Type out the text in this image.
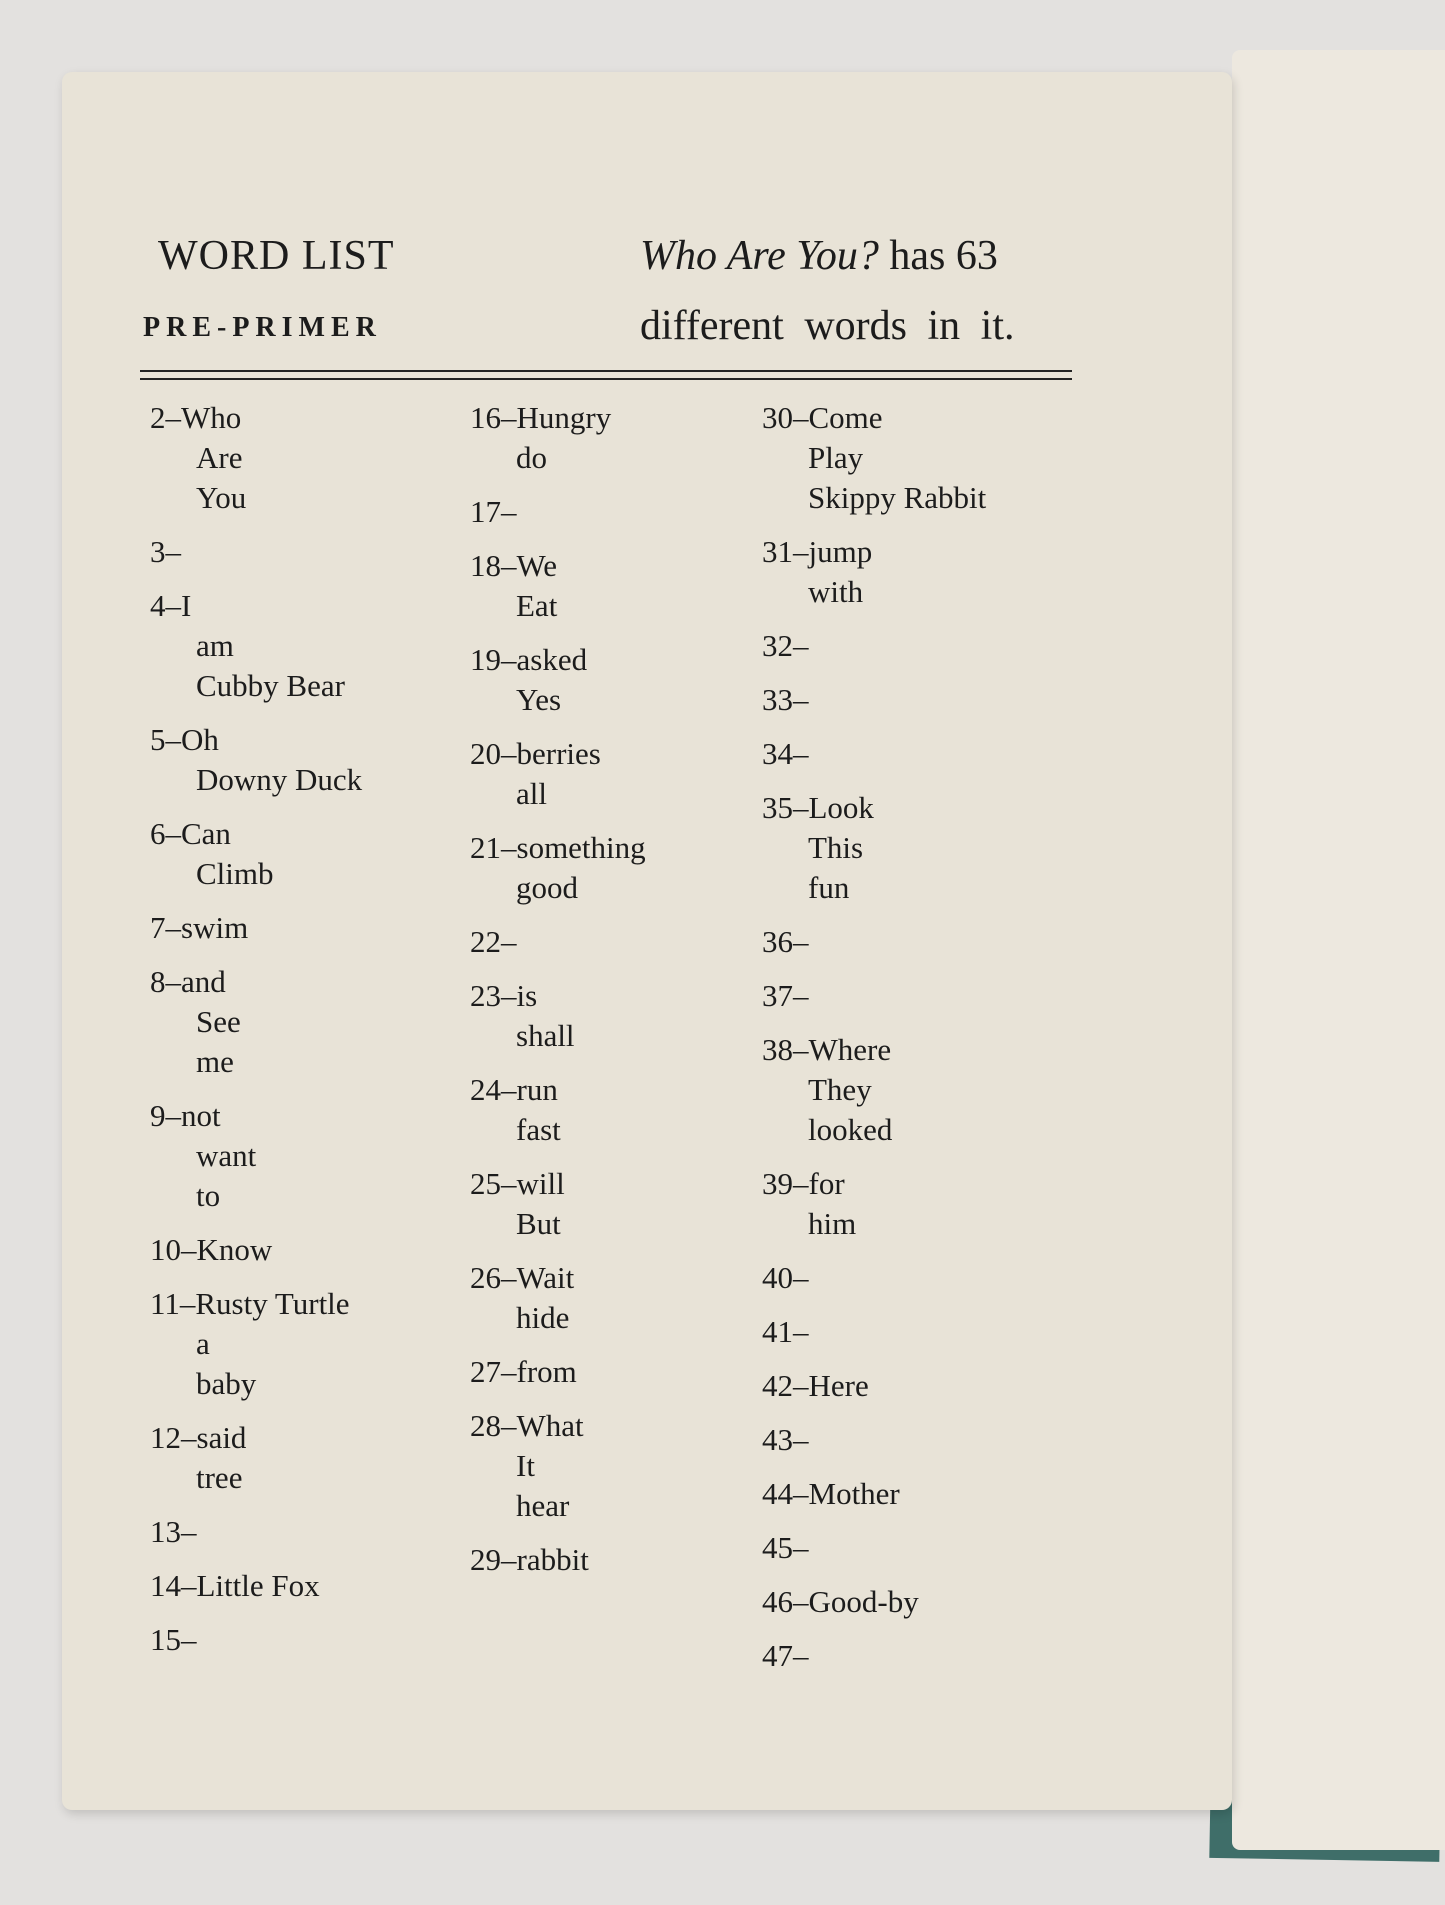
WORD LIST
PRE-PRIMER
Who Are You? has 63
different words in it.
2–Who
Are
You
3–
4–I
am
Cubby Bear
5–Oh
Downy Duck
6–Can
Climb
7–swim
8–and
See
me
9–not
want
to
10–Know
11–Rusty Turtle
a
baby
12–said
tree
13–
14–Little Fox
15–
16–Hungry
do
17–
18–We
Eat
19–asked
Yes
20–berries
all
21–something
good
22–
23–is
shall
24–run
fast
25–will
But
26–Wait
hide
27–from
28–What
It
hear
29–rabbit
30–Come
Play
Skippy Rabbit
31–jump
with
32–
33–
34–
35–Look
This
fun
36–
37–
38–Where
They
looked
39–for
him
40–
41–
42–Here
43–
44–Mother
45–
46–Good-by
47–
